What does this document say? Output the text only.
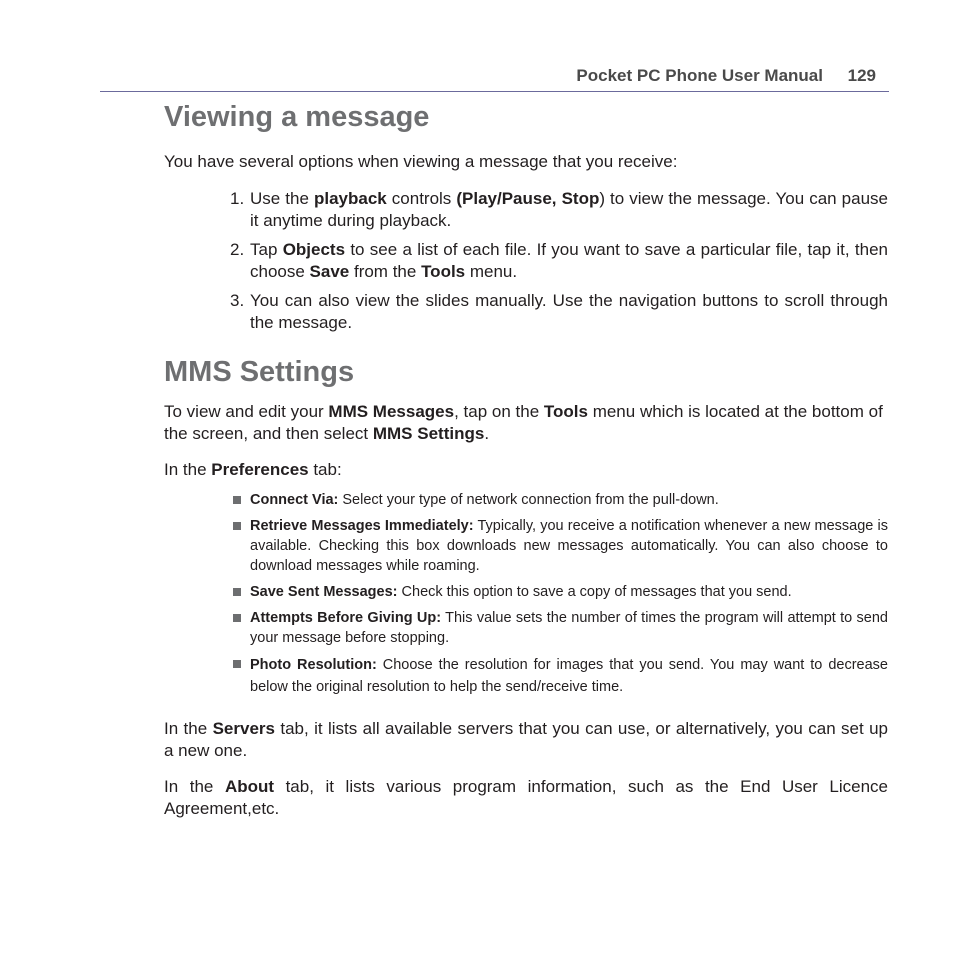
Pocket PC Phone User Manual 129
Viewing a message

You have several options when viewing a message that you receive:

1. Use the playback controls (Play/Pause, Stop) to view the message. You can pause it anytime during playback.
2. Tap Objects to see a list of each file. If you want to save a particular file, tap it, then choose Save from the Tools menu.
3. You can also view the slides manually. Use the navigation buttons to scroll through the message.
MMS Settings

To view and edit your MMS Messages, tap on the Tools menu which is located at the bottom of the screen, and then select MMS Settings.

In the Preferences tab:

Connect Via: Select your type of network connection from the pull-down.
Retrieve Messages Immediately: Typically, you receive a notification whenever a new message is available. Checking this box downloads new messages automatically. You can also choose to download messages while roaming.
Save Sent Messages: Check this option to save a copy of messages that you send.
Attempts Before Giving Up: This value sets the number of times the program will attempt to send your message before stopping.
Photo Resolution: Choose the resolution for images that you send. You may want to decrease below the original resolution to help the send/receive time.

In the Servers tab, it lists all available servers that you can use, or alternatively, you can set up a new one.

In the About tab, it lists various program information, such as the End User Licence Agreement,etc.
